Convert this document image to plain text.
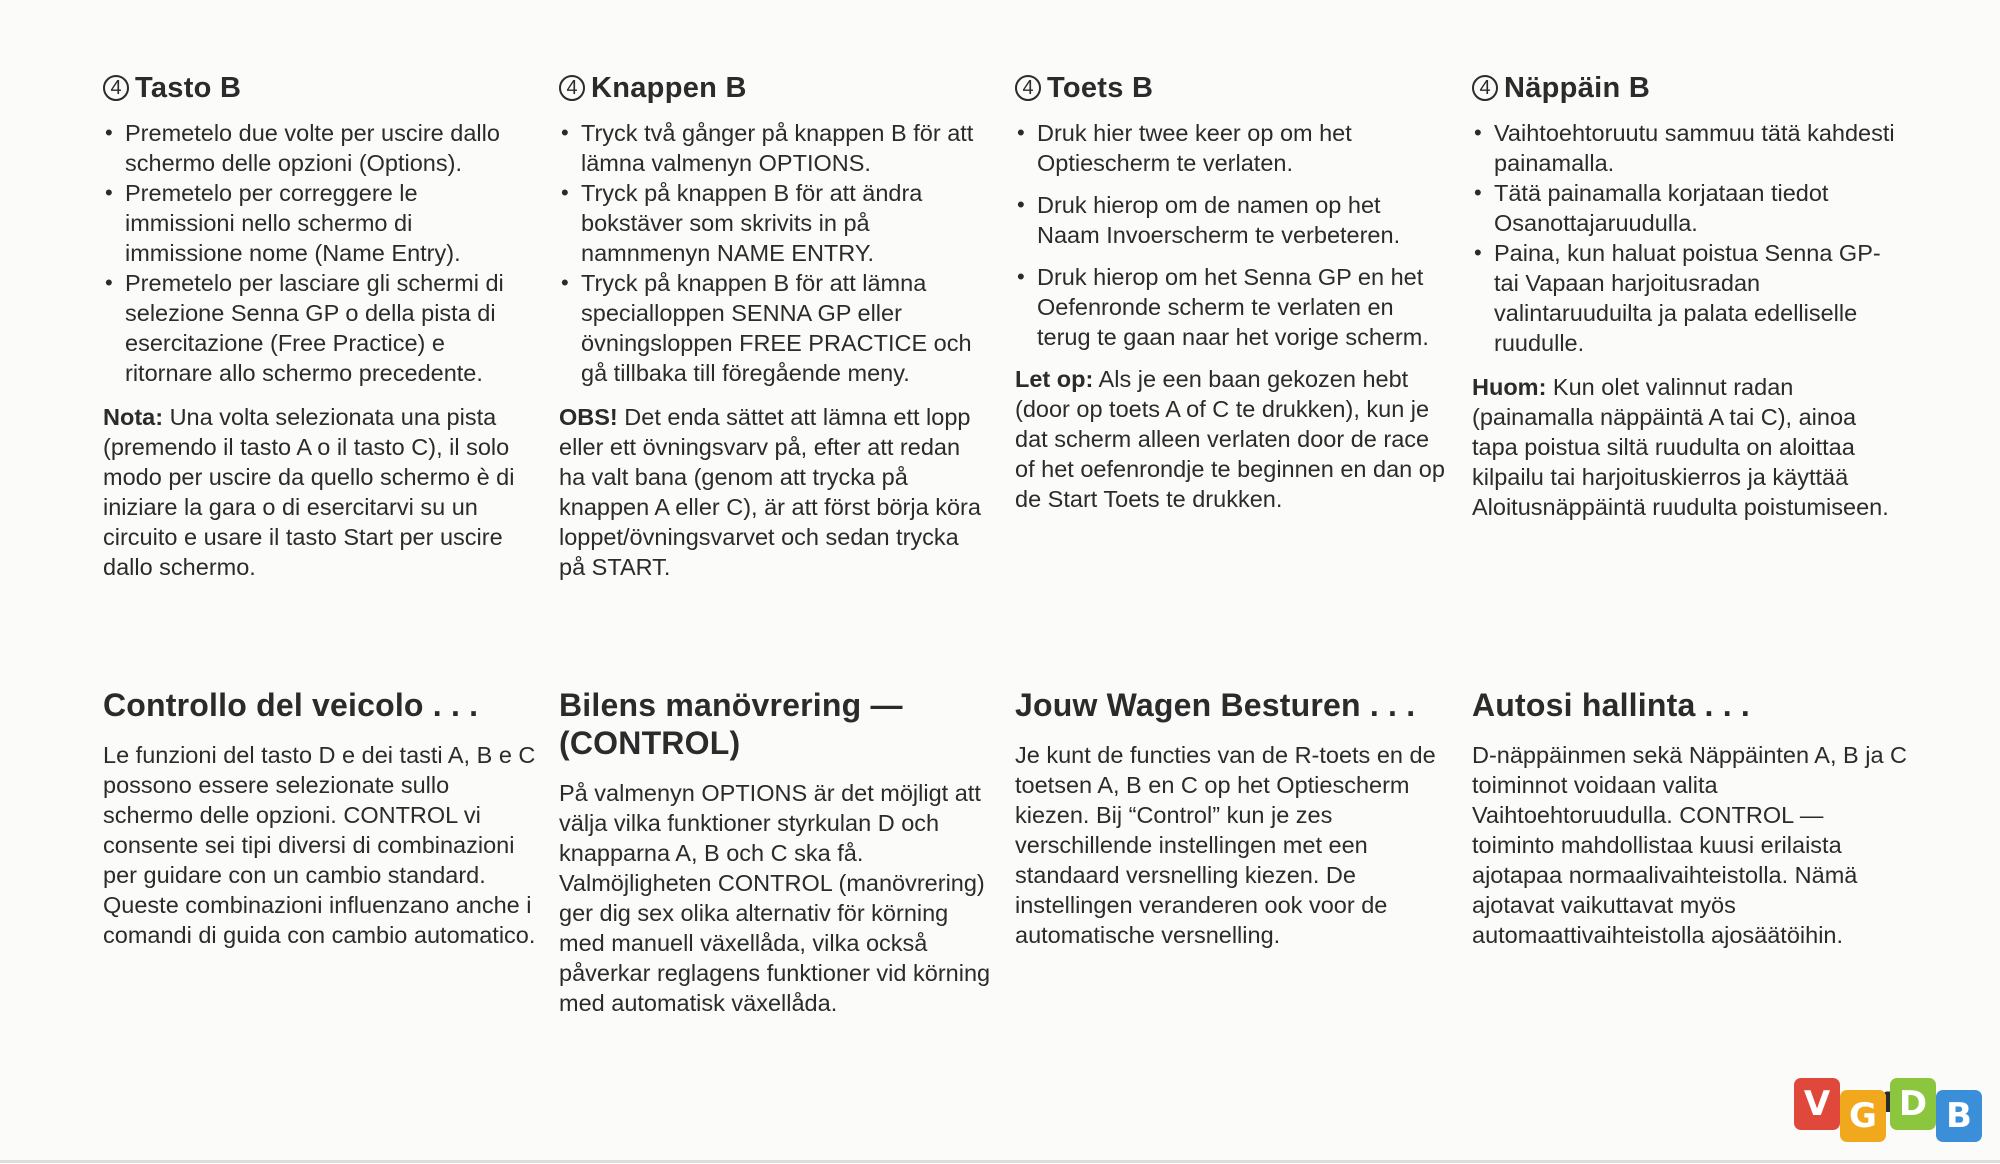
4 Tasto B
• Premetelo due volte per uscire dallo schermo delle opzioni (Options).
• Premetelo per correggere le immissioni nello schermo di immissione nome (Name Entry).
• Premetelo per lasciare gli schermi di selezione Senna GP o della pista di esercitazione (Free Practice) e ritornare allo schermo precedente.

Nota: Una volta selezionata una pista (premendo il tasto A o il tasto C), il solo modo per uscire da quello schermo è di iniziare la gara o di esercitarvi su un circuito e usare il tasto Start per uscire dallo schermo.

4 Knappen B
• Tryck två gånger på knappen B för att lämna valmenyn OPTIONS.
• Tryck på knappen B för att ändra bokstäver som skrivits in på namnmenyn NAME ENTRY.
• Tryck på knappen B för att lämna specialloppen SENNA GP eller övningsloppen FREE PRACTICE och gå tillbaka till föregående meny.

OBS! Det enda sättet att lämna ett lopp eller ett övningsvarv på, efter att redan ha valt bana (genom att trycka på knappen A eller C), är att först börja köra loppet/övningsvarvet och sedan trycka på START.

4 Toets B
• Druk hier twee keer op om het Optiescherm te verlaten.
• Druk hierop om de namen op het Naam Invoerscherm te verbeteren.
• Druk hierop om het Senna GP en het Oefenronde scherm te verlaten en terug te gaan naar het vorige scherm.

Let op: Als je een baan gekozen hebt (door op toets A of C te drukken), kun je dat scherm alleen verlaten door de race of het oefenrondje te beginnen en dan op de Start Toets te drukken.

4 Näppäin B
• Vaihtoehtoruutu sammuu tätä kahdesti painamalla.
• Tätä painamalla korjataan tiedot Osanottajaruudulla.
• Paina, kun haluat poistua Senna GP- tai Vapaan harjoitusradan valintaruuduilta ja palata edelliselle ruudulle.

Huom: Kun olet valinnut radan (painamalla näppäintä A tai C), ainoa tapa poistua siltä ruudulta on aloittaa kilpailu tai harjoituskierros ja käyttää Aloitusnäppäintä ruudulta poistumiseen.

Controllo del veicolo . . .

Le funzioni del tasto D e dei tasti A, B e C possono essere selezionate sullo schermo delle opzioni. CONTROL vi consente sei tipi diversi di combinazioni per guidare con un cambio standard. Queste combinazioni influenzano anche i comandi di guida con cambio automatico.

Bilens manövrering — (CONTROL)

På valmenyn OPTIONS är det möjligt att välja vilka funktioner styrkulan D och knapparna A, B och C ska få. Valmöjligheten CONTROL (manövrering) ger dig sex olika alternativ för körning med manuell växellåda, vilka också påverkar reglagens funktioner vid körning med automatisk växellåda.

Jouw Wagen Besturen . . .

Je kunt de functies van de R-toets en de toetsen A, B en C op het Optiescherm kiezen. Bij “Control” kun je zes verschillende instellingen met een standaard versnelling kiezen. De instellingen veranderen ook voor de automatische versnelling.

Autosi hallinta . . .

D-näppäinmen sekä Näppäinten A, B ja C toiminnot voidaan valita Vaihtoehtoruudulla. CONTROL — toiminto mahdollistaa kuusi erilaista ajotapaa normaalivaihteistolla. Nämä ajotavat vaikuttavat myös automaattivaihteistolla ajosäätöihin.

V G D B
